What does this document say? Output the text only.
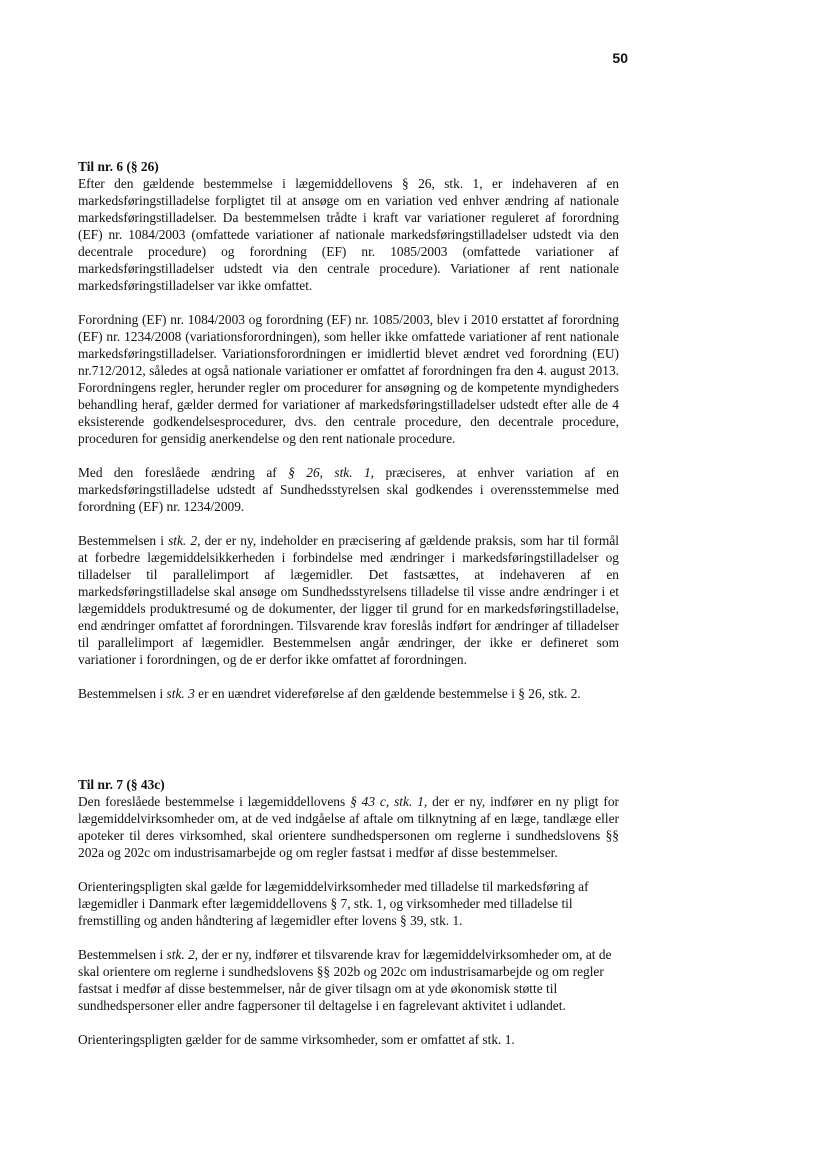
50

Til nr. 6 (§ 26)

Efter den gældende bestemmelse i lægemiddellovens § 26, stk. 1, er indehaveren af en markedsføringstilladelse forpligtet til at ansøge om en variation ved enhver ændring af nationale markedsføringstilladelser. Da bestemmelsen trådte i kraft var variationer reguleret af forordning (EF) nr. 1084/2003 (omfattede variationer af nationale markedsføringstilladelser udstedt via den decentrale procedure) og forordning (EF) nr. 1085/2003 (omfattede variationer af markedsføringstilladelser udstedt via den centrale procedure). Variationer af rent nationale markedsføringstilladelser var ikke omfattet.

Forordning (EF) nr. 1084/2003 og forordning (EF) nr. 1085/2003, blev i 2010 erstattet af forordning (EF) nr. 1234/2008 (variationsforordningen), som heller ikke omfattede variationer af rent nationale markedsføringstilladelser. Variationsforordningen er imidlertid blevet ændret ved forordning (EU) nr.712/2012, således at også nationale variationer er omfattet af forordningen fra den 4. august 2013. Forordningens regler, herunder regler om procedurer for ansøgning og de kompetente myndigheders behandling heraf, gælder dermed for variationer af markedsføringstilladelser udstedt efter alle de 4 eksisterende godkendelsesprocedurer, dvs. den centrale procedure, den decentrale procedure, proceduren for gensidig anerkendelse og den rent nationale procedure.

Med den foreslåede ændring af § 26, stk. 1, præciseres, at enhver variation af en markedsføringstilladelse udstedt af Sundhedsstyrelsen skal godkendes i overensstemmelse med forordning (EF) nr. 1234/2009.

Bestemmelsen i stk. 2, der er ny, indeholder en præcisering af gældende praksis, som har til formål at forbedre lægemiddelsikkerheden i forbindelse med ændringer i markedsføringstilladelser og tilladelser til parallelimport af lægemidler. Det fastsættes, at indehaveren af en markedsføringstilladelse skal ansøge om Sundhedsstyrelsens tilladelse til visse andre ændringer i et lægemiddels produktresumé og de dokumenter, der ligger til grund for en markedsføringstilladelse, end ændringer omfattet af forordningen. Tilsvarende krav foreslås indført for ændringer af tilladelser til parallelimport af lægemidler. Bestemmelsen angår ændringer, der ikke er defineret som variationer i forordningen, og de er derfor ikke omfattet af forordningen.

Bestemmelsen i stk. 3 er en uændret videreførelse af den gældende bestemmelse i § 26, stk. 2.

Til nr. 7 (§ 43c)

Den foreslåede bestemmelse i lægemiddellovens § 43 c, stk. 1, der er ny, indfører en ny pligt for lægemiddelvirksomheder om, at de ved indgåelse af aftale om tilknytning af en læge, tandlæge eller apoteker til deres virksomhed, skal orientere sundhedspersonen om reglerne i sundhedslovens §§ 202a og 202c om industrisamarbejde og om regler fastsat i medfør af disse bestemmelser.

Orienteringspligten skal gælde for lægemiddelvirksomheder med tilladelse til markedsføring af lægemidler i Danmark efter lægemiddellovens § 7, stk. 1, og virksomheder med tilladelse til fremstilling og anden håndtering af lægemidler efter lovens § 39, stk. 1.

Bestemmelsen i stk. 2, der er ny, indfører et tilsvarende krav for lægemiddelvirksomheder om, at de skal orientere om reglerne i sundhedslovens §§ 202b og 202c om industrisamarbejde og om regler fastsat i medfør af disse bestemmelser, når de giver tilsagn om at yde økonomisk støtte til sundhedspersoner eller andre fagpersoner til deltagelse i en fagrelevant aktivitet i udlandet.

Orienteringspligten gælder for de samme virksomheder, som er omfattet af stk. 1.
